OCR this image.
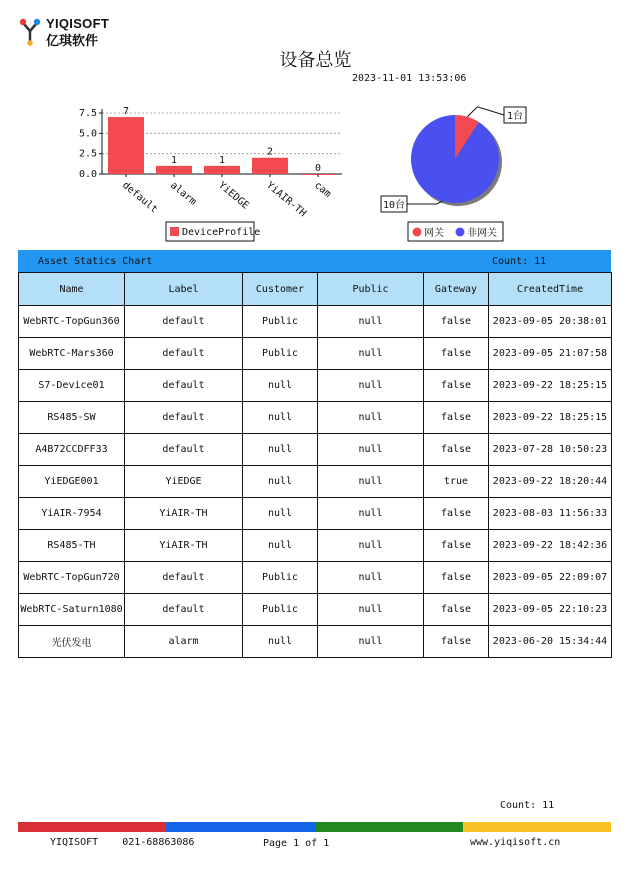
YIQISOFT
亿琪软件
设备总览
2023-11-01 13:53:06
0.0
2.5
5.0
7.5	7
default
1
alarm
1
YiEDGE
2
YiAIR-TH
0
cam
DeviceProfile
1台
10台
网关 非网关
Asset Statics Chart	Count: 11
Name	Label	Customer	Public	Gateway	CreatedTime
WebRTC-TopGun360	default	Public	null	false	2023-09-05 20:38:01
WebRTC-Mars360	default	Public	null	false	2023-09-05 21:07:58
S7-Device01	default	null	null	false	2023-09-22 18:25:15
RS485-SW	default	null	null	false	2023-09-22 18:25:15
A4B72CCDFF33	default	null	null	false	2023-07-28 10:50:23
YiEDGE001	YiEDGE	null	null	true	2023-09-22 18:20:44
YiAIR-7954	YiAIR-TH	null	null	false	2023-08-03 11:56:33
RS485-TH	YiAIR-TH	null	null	false	2023-09-22 18:42:36
WebRTC-TopGun720	default	Public	null	false	2023-09-05 22:09:07
WebRTC-Saturn1080	default	Public	null	false	2023-09-05 22:10:23
光伏发电	alarm	null	null	false	2023-06-20 15:34:44
Count: 11
YIQISOFT 021-68863086	Page 1 of 1	www.yiqisoft.cn
